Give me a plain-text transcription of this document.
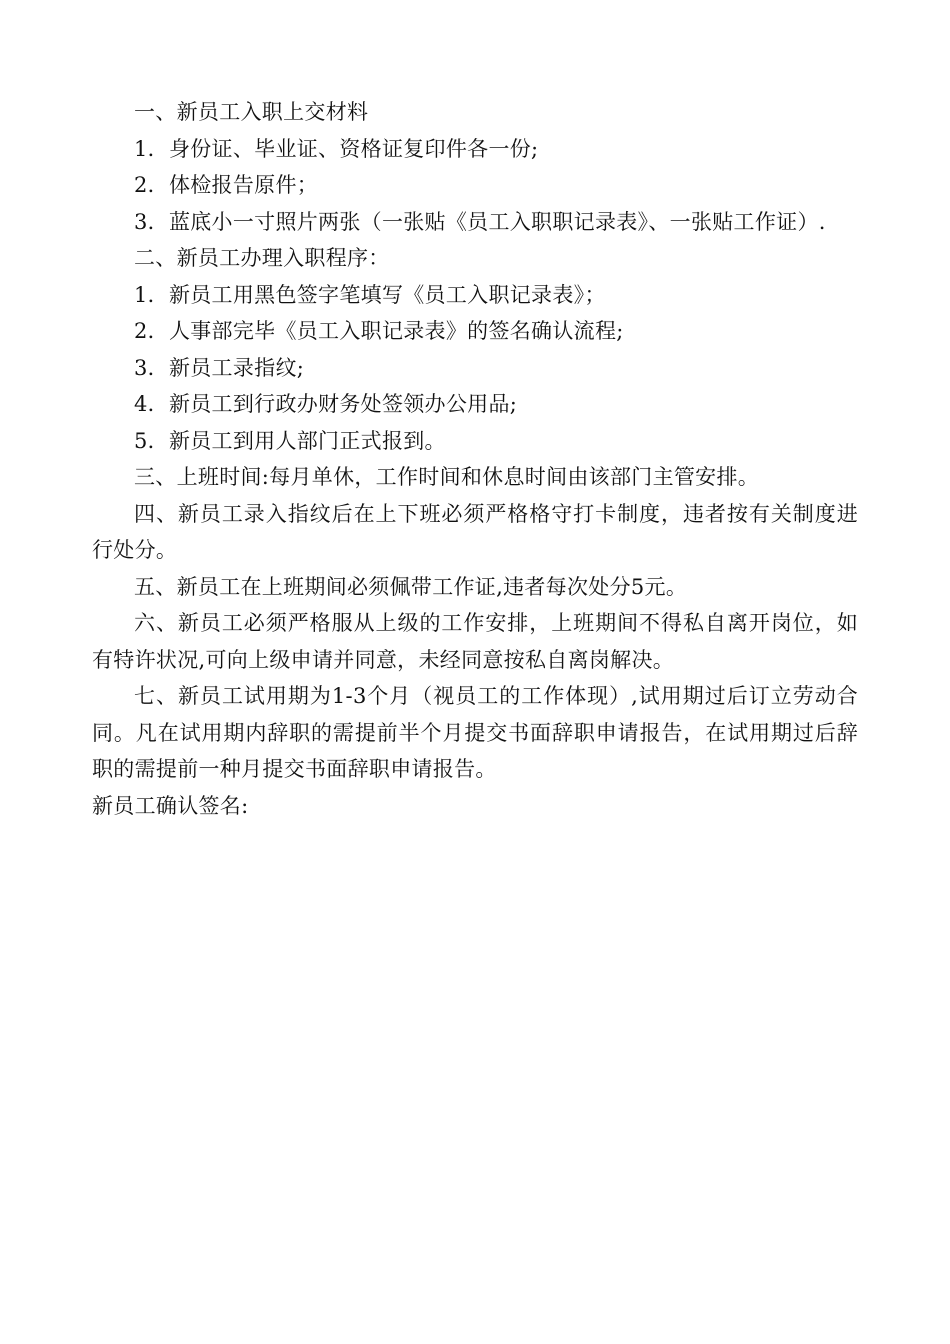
一、新员工入职上交材料

1．身份证、毕业证、资格证复印件各一份;

2．体检报告原件；

3．蓝底小一寸照片两张（一张贴《员工入职职记录表》、一张贴工作证）.

二、新员工办理入职程序：

1．新员工用黑色签字笔填写《员工入职记录表》；

2．人事部完毕《员工入职记录表》的签名确认流程;

3．新员工录指纹;

4．新员工到行政办财务处签领办公用品;

5．新员工到用人部门正式报到。

三、上班时间:每月单休，工作时间和休息时间由该部门主管安排。

四、新员工录入指纹后在上下班必须严格格守打卡制度，违者按有关制度进行处分。

五、新员工在上班期间必须佩带工作证,违者每次处分5元。

六、新员工必须严格服从上级的工作安排，上班期间不得私自离开岗位，如有特许状况,可向上级申请并同意，未经同意按私自离岗解决。

七、新员工试用期为1-3个月（视员工的工作体现）,试用期过后订立劳动合同。凡在试用期内辞职的需提前半个月提交书面辞职申请报告，在试用期过后辞职的需提前一种月提交书面辞职申请报告。

新员工确认签名:
